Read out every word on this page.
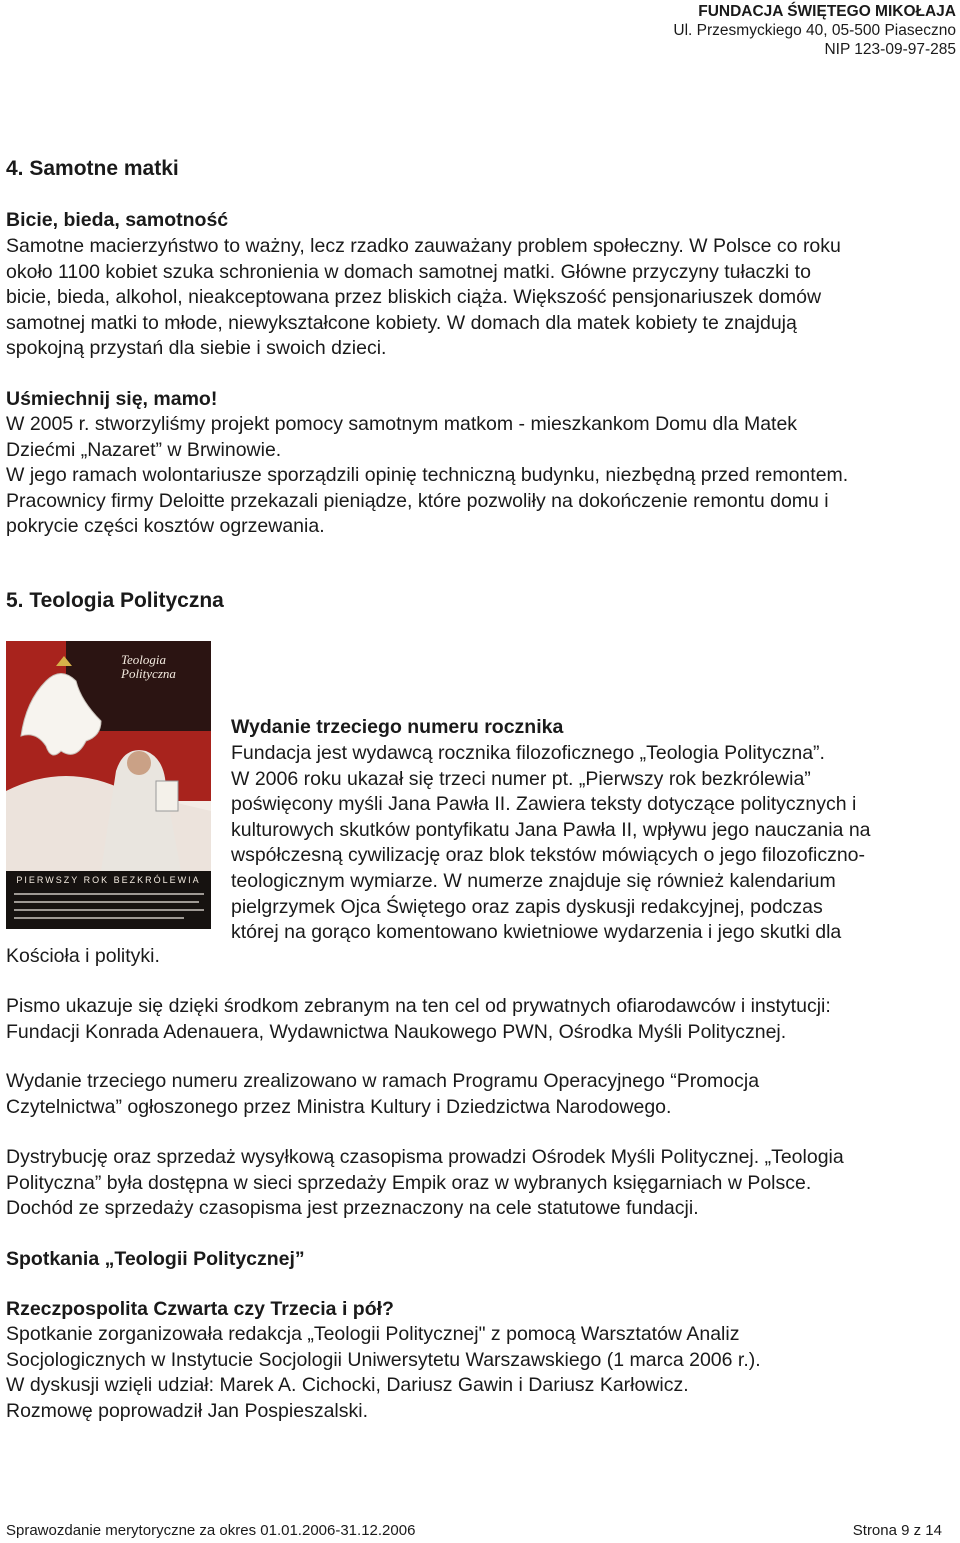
FUNDACJA ŚWIĘTEGO MIKOŁAJA
Ul. Przesmyckiego 40, 05-500 Piaseczno
NIP 123-09-97-285
4. Samotne matki

Bicie, bieda, samotność

Samotne macierzyństwo to ważny, lecz rzadko zauważany problem społeczny. W Polsce co roku
około 1100 kobiet szuka schronienia w domach samotnej matki. Główne przyczyny tułaczki to
bicie, bieda, alkohol, nieakceptowana przez bliskich ciąża. Większość pensjonariuszek domów
samotnej matki to młode, niewykształcone kobiety. W domach dla matek kobiety te znajdują
spokojną przystań dla siebie i swoich dzieci.

Uśmiechnij się, mamo!

W 2005 r. stworzyliśmy projekt pomocy samotnym matkom - mieszkankom Domu dla Matek
Dziećmi „Nazaret” w Brwinowie.
W jego ramach wolontariusze sporządzili opinię techniczną budynku, niezbędną przed remontem.
Pracownicy firmy Deloitte przekazali pieniądze, które pozwoliły na dokończenie remontu domu i
pokrycie części kosztów ogrzewania.

5. Teologia Polityczna
Teologia Polityczna
PIERWSZY ROK BEZKRÓLEWIA

Wydanie trzeciego numeru rocznika

Fundacja jest wydawcą rocznika filozoficznego „Teologia Polityczna”.
W 2006 roku ukazał się trzeci numer pt. „Pierwszy rok bezkrólewia”
poświęcony myśli Jana Pawła II. Zawiera teksty dotyczące politycznych i
kulturowych skutków pontyfikatu Jana Pawła II, wpływu jego nauczania na
współczesną cywilizację oraz blok tekstów mówiących o jego filozoficzno-
teologicznym wymiarze. W numerze znajduje się również kalendarium
pielgrzymek Ojca Świętego oraz zapis dyskusji redakcyjnej, podczas
której na gorąco komentowano kwietniowe wydarzenia i jego skutki dla

Kościoła i polityki.

Pismo ukazuje się dzięki środkom zebranym na ten cel od prywatnych ofiarodawców i instytucji:
Fundacji Konrada Adenauera, Wydawnictwa Naukowego PWN, Ośrodka Myśli Politycznej.

Wydanie trzeciego numeru zrealizowano w ramach Programu Operacyjnego “Promocja
Czytelnictwa” ogłoszonego przez Ministra Kultury i Dziedzictwa Narodowego.

Dystrybucję oraz sprzedaż wysyłkową czasopisma prowadzi Ośrodek Myśli Politycznej. „Teologia
Polityczna” była dostępna w sieci sprzedaży Empik oraz w wybranych księgarniach w Polsce.
Dochód ze sprzedaży czasopisma jest przeznaczony na cele statutowe fundacji.

Spotkania „Teologii Politycznej”

Rzeczpospolita Czwarta czy Trzecia i pół?

Spotkanie zorganizowała redakcja „Teologii Politycznej" z pomocą Warsztatów Analiz
Socjologicznych w Instytucie Socjologii Uniwersytetu Warszawskiego (1 marca 2006 r.).
W dyskusji wzięli udział: Marek A. Cichocki, Dariusz Gawin i Dariusz Karłowicz.
Rozmowę poprowadził Jan Pospieszalski.

Sprawozdanie merytoryczne za okres 01.01.2006-31.12.2006	Strona 9 z 14
